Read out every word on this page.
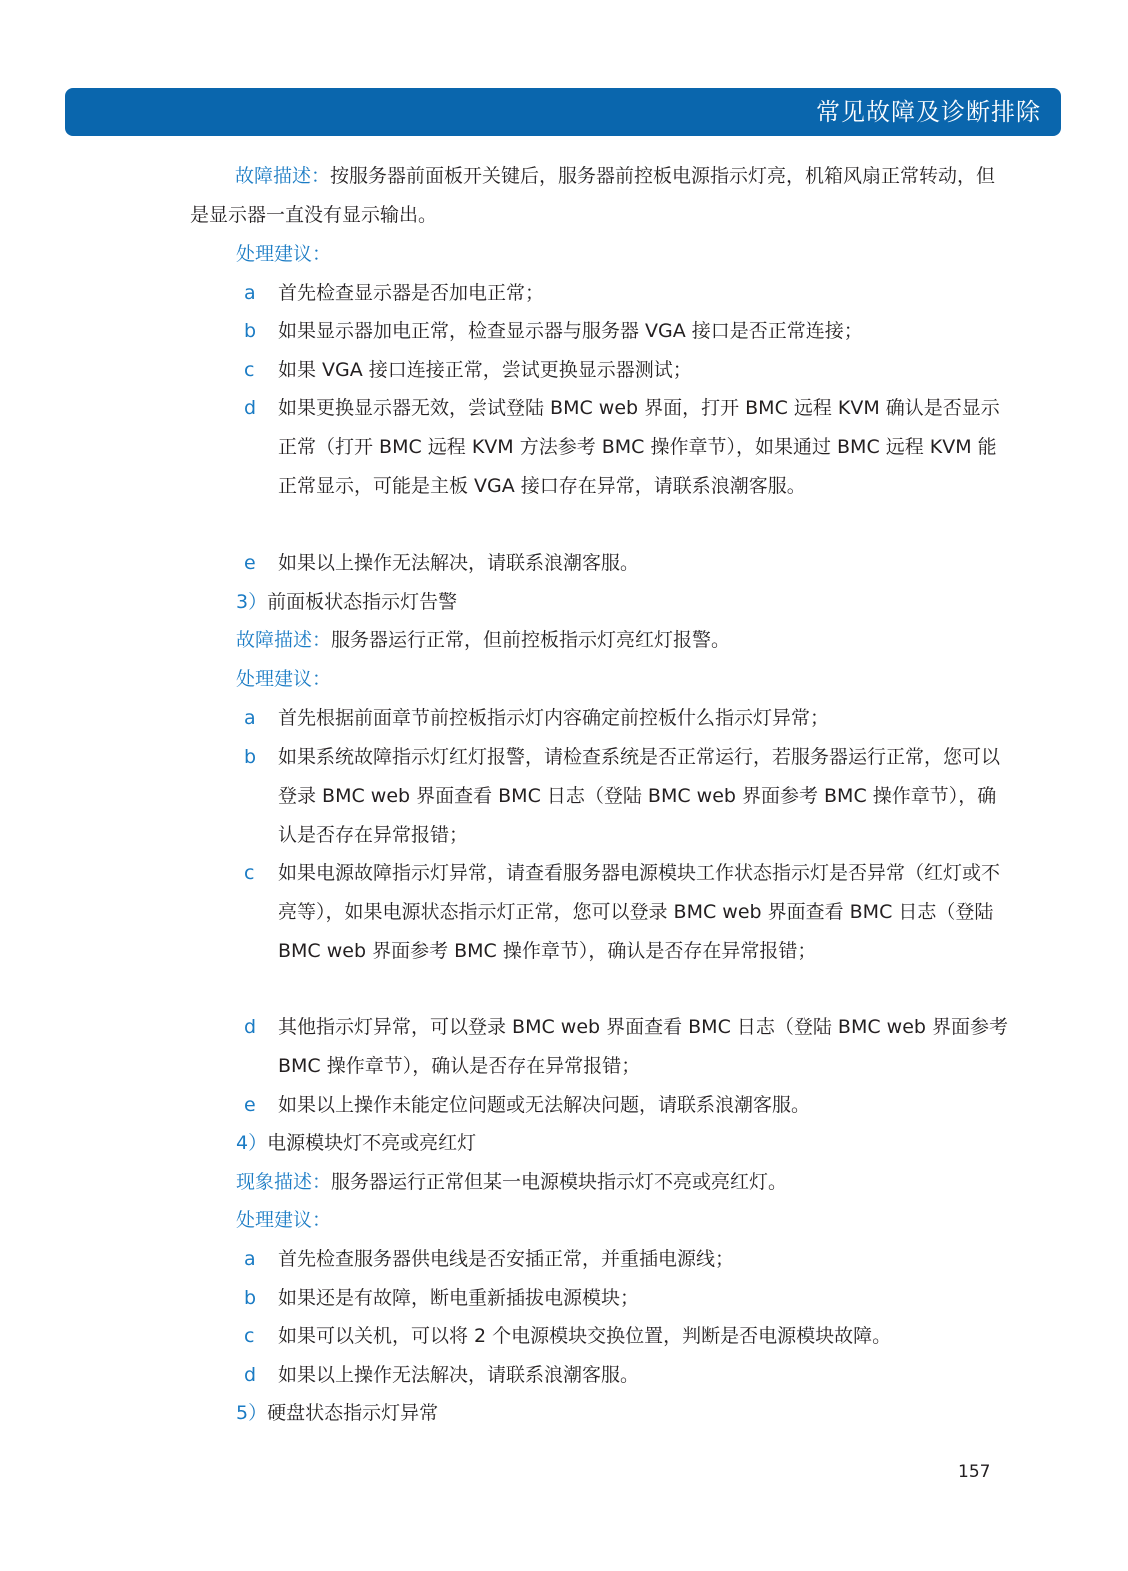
常见故障及诊断排除
故障描述：按服务器前面板开关键后，服务器前控板电源指示灯亮，机箱风扇正常转动，但是显示器一直没有显示输出。
处理建议：
a 首先检查显示器是否加电正常；
b 如果显示器加电正常，检查显示器与服务器 VGA 接口是否正常连接；
c 如果 VGA 接口连接正常，尝试更换显示器测试；
d 如果更换显示器无效，尝试登陆 BMC web 界面，打开 BMC 远程 KVM 确认是否显示正常（打开 BMC 远程 KVM 方法参考 BMC 操作章节），如果通过 BMC 远程 KVM 能正常显示，可能是主板 VGA 接口存在异常，请联系浪潮客服。
e 如果以上操作无法解决，请联系浪潮客服。
3）前面板状态指示灯告警
故障描述：服务器运行正常，但前控板指示灯亮红灯报警。
处理建议：
a 首先根据前面章节前控板指示灯内容确定前控板什么指示灯异常；
b 如果系统故障指示灯红灯报警，请检查系统是否正常运行，若服务器运行正常，您可以登录 BMC web 界面查看 BMC 日志（登陆 BMC web 界面参考 BMC 操作章节），确认是否存在异常报错；
c 如果电源故障指示灯异常，请查看服务器电源模块工作状态指示灯是否异常（红灯或不亮等），如果电源状态指示灯正常，您可以登录 BMC web 界面查看 BMC 日志（登陆 BMC web 界面参考 BMC 操作章节），确认是否存在异常报错；
d 其他指示灯异常，可以登录 BMC web 界面查看 BMC 日志（登陆 BMC web 界面参考 BMC 操作章节），确认是否存在异常报错；
e 如果以上操作未能定位问题或无法解决问题，请联系浪潮客服。
4）电源模块灯不亮或亮红灯
现象描述：服务器运行正常但某一电源模块指示灯不亮或亮红灯。
处理建议：
a 首先检查服务器供电线是否安插正常，并重插电源线；
b 如果还是有故障，断电重新插拔电源模块；
c 如果可以关机，可以将 2 个电源模块交换位置，判断是否电源模块故障。
d 如果以上操作无法解决，请联系浪潮客服。
5）硬盘状态指示灯异常
157
